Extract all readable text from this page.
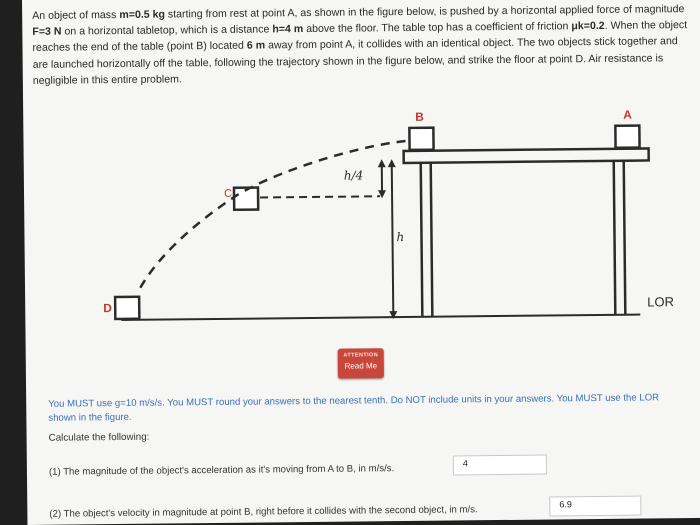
An object of mass m=0.5 kg starting from rest at point A, as shown in the figure below, is pushed by a horizontal applied force of magnitude F=3 N on a horizontal tabletop, which is a distance h=4 m above the floor. The table top has a coefficient of friction μk=0.2. When the object reaches the end of the table (point B) located 6 m away from point A, it collides with an identical object. The two objects stick together and are launched horizontally off the table, following the trajectory shown in the figure below, and strike the floor at point D. Air resistance is negligible in this entire problem.
B	A
C
D
h/4
h
LOR
ATTENTION
Read Me
You MUST use g=10 m/s/s. You MUST round your answers to the nearest tenth. Do NOT include units in your answers. You MUST use the LOR shown in the figure.
Calculate the following:
(1) The magnitude of the object's acceleration as it's moving from A to B, in m/s/s.	4
(2) The object's velocity in magnitude at point B, right before it collides with the second object, in m/s.	6.9
